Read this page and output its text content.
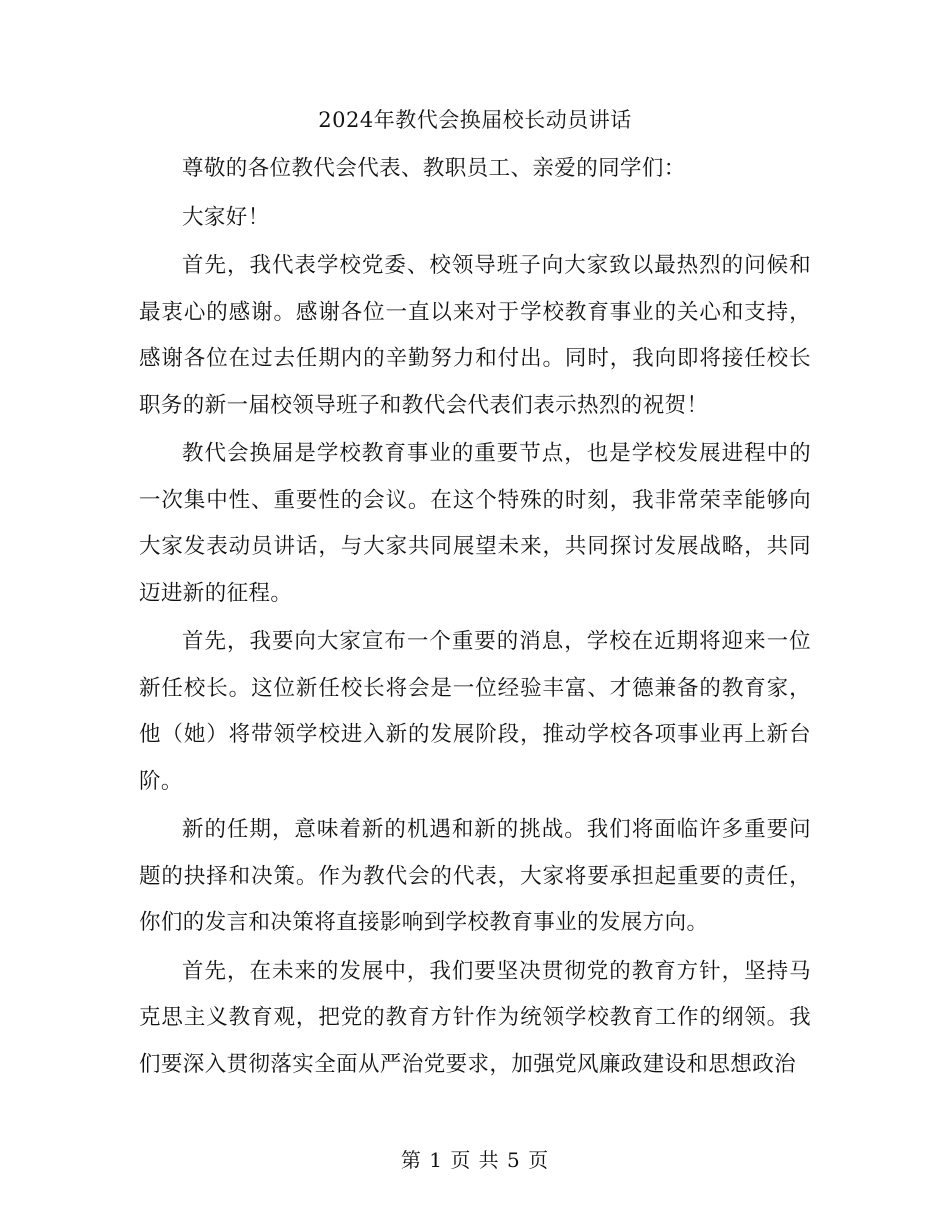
2024年教代会换届校长动员讲话

尊敬的各位教代会代表、教职员工、亲爱的同学们：

大家好！

首先，我代表学校党委、校领导班子向大家致以最热烈的问候和最衷心的感谢。感谢各位一直以来对于学校教育事业的关心和支持，感谢各位在过去任期内的辛勤努力和付出。同时，我向即将接任校长职务的新一届校领导班子和教代会代表们表示热烈的祝贺！

教代会换届是学校教育事业的重要节点，也是学校发展进程中的一次集中性、重要性的会议。在这个特殊的时刻，我非常荣幸能够向大家发表动员讲话，与大家共同展望未来，共同探讨发展战略，共同迈进新的征程。

首先，我要向大家宣布一个重要的消息，学校在近期将迎来一位新任校长。这位新任校长将会是一位经验丰富、才德兼备的教育家，他（她）将带领学校进入新的发展阶段，推动学校各项事业再上新台阶。

新的任期，意味着新的机遇和新的挑战。我们将面临许多重要问题的抉择和决策。作为教代会的代表，大家将要承担起重要的责任，你们的发言和决策将直接影响到学校教育事业的发展方向。

首先，在未来的发展中，我们要坚决贯彻党的教育方针，坚持马克思主义教育观，把党的教育方针作为统领学校教育工作的纲领。我们要深入贯彻落实全面从严治党要求，加强党风廉政建设和思想政治

第 1 页 共 5 页
